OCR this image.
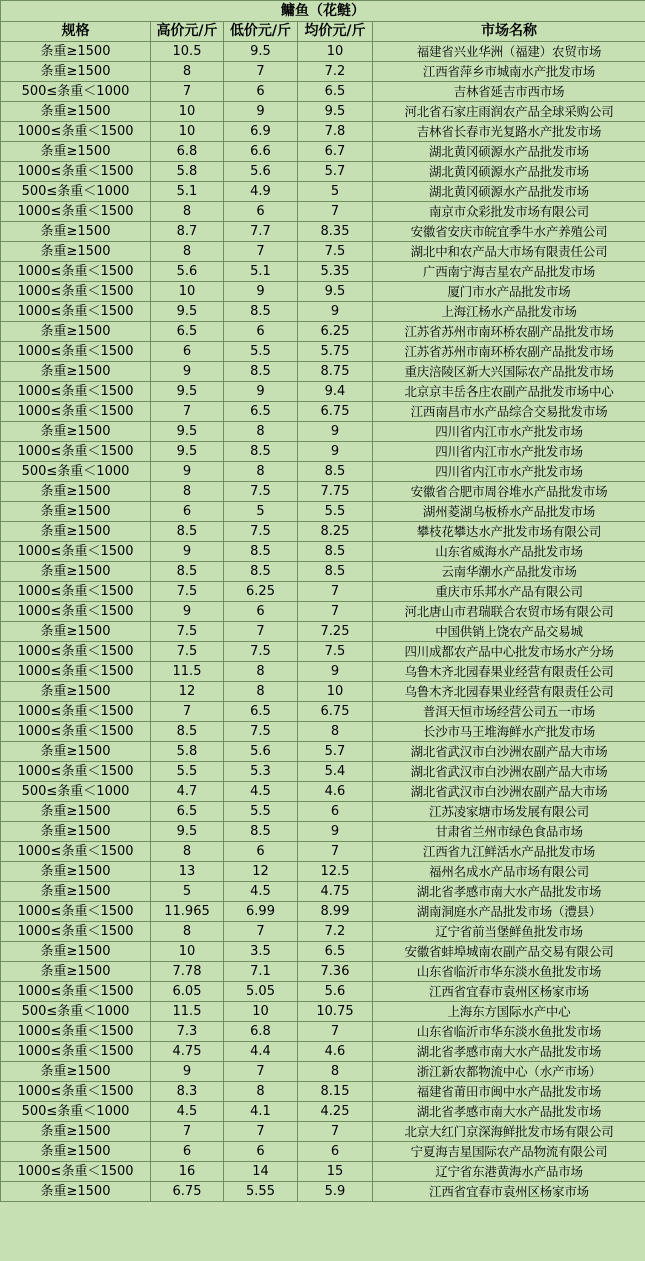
鳙鱼（花鲢）				
规格	高价元/斤	低价元/斤	均价元/斤	市场名称
条重≥1500	10.5	9.5	10	福建省兴业华洲（福建）农贸市场
条重≥1500	8	7	7.2	江西省萍乡市城南水产批发市场
500≤条重＜1000	7	6	6.5	吉林省延吉市西市场
条重≥1500	10	9	9.5	河北省石家庄雨润农产品全球采购公司
1000≤条重＜1500	10	6.9	7.8	吉林省长春市光复路水产批发市场
条重≥1500	6.8	6.6	6.7	湖北黄冈硕源水产品批发市场
1000≤条重＜1500	5.8	5.6	5.7	湖北黄冈硕源水产品批发市场
500≤条重＜1000	5.1	4.9	5	湖北黄冈硕源水产品批发市场
1000≤条重＜1500	8	6	7	南京市众彩批发市场有限公司
条重≥1500	8.7	7.7	8.35	安徽省安庆市皖宜季牛水产养殖公司
条重≥1500	8	7	7.5	湖北中和农产品大市场有限责任公司
1000≤条重＜1500	5.6	5.1	5.35	广西南宁海吉星农产品批发市场
1000≤条重＜1500	10	9	9.5	厦门市水产品批发市场
1000≤条重＜1500	9.5	8.5	9	上海江杨水产品批发市场
条重≥1500	6.5	6	6.25	江苏省苏州市南环桥农副产品批发市场
1000≤条重＜1500	6	5.5	5.75	江苏省苏州市南环桥农副产品批发市场
条重≥1500	9	8.5	8.75	重庆涪陵区新大兴国际农产品批发市场
1000≤条重＜1500	9.5	9	9.4	北京京丰岳各庄农副产品批发市场中心
1000≤条重＜1500	7	6.5	6.75	江西南昌市水产品综合交易批发市场
条重≥1500	9.5	8	9	四川省内江市水产批发市场
1000≤条重＜1500	9.5	8.5	9	四川省内江市水产批发市场
500≤条重＜1000	9	8	8.5	四川省内江市水产批发市场
条重≥1500	8	7.5	7.75	安徽省合肥市周谷堆水产品批发市场
条重≥1500	6	5	5.5	湖州菱湖乌板桥水产品批发市场
条重≥1500	8.5	7.5	8.25	攀枝花攀达水产批发市场有限公司
1000≤条重＜1500	9	8.5	8.5	山东省威海水产品批发市场
条重≥1500	8.5	8.5	8.5	云南华潮水产品批发市场
1000≤条重＜1500	7.5	6.25	7	重庆市乐邦水产品有限公司
1000≤条重＜1500	9	6	7	河北唐山市君瑞联合农贸市场有限公司
条重≥1500	7.5	7	7.25	中国供销上饶农产品交易城
1000≤条重＜1500	7.5	7.5	7.5	四川成都农产品中心批发市场水产分场
1000≤条重＜1500	11.5	8	9	乌鲁木齐北园春果业经营有限责任公司
条重≥1500	12	8	10	乌鲁木齐北园春果业经营有限责任公司
1000≤条重＜1500	7	6.5	6.75	普洱天恒市场经营公司五一市场
1000≤条重＜1500	8.5	7.5	8	长沙市马王堆海鲜水产批发市场
条重≥1500	5.8	5.6	5.7	湖北省武汉市白沙洲农副产品大市场
1000≤条重＜1500	5.5	5.3	5.4	湖北省武汉市白沙洲农副产品大市场
500≤条重＜1000	4.7	4.5	4.6	湖北省武汉市白沙洲农副产品大市场
条重≥1500	6.5	5.5	6	江苏凌家塘市场发展有限公司
条重≥1500	9.5	8.5	9	甘肃省兰州市绿色食品市场
1000≤条重＜1500	8	6	7	江西省九江鲜活水产品批发市场
条重≥1500	13	12	12.5	福州名成水产品市场有限公司
条重≥1500	5	4.5	4.75	湖北省孝感市南大水产品批发市场
1000≤条重＜1500	11.965	6.99	8.99	湖南洞庭水产品批发市场（澧县）
1000≤条重＜1500	8	7	7.2	辽宁省前当堡鲜鱼批发市场
条重≥1500	10	3.5	6.5	安徽省蚌埠城南农副产品交易有限公司
条重≥1500	7.78	7.1	7.36	山东省临沂市华东淡水鱼批发市场
1000≤条重＜1500	6.05	5.05	5.6	江西省宜春市袁州区杨家市场
500≤条重＜1000	11.5	10	10.75	上海东方国际水产中心
1000≤条重＜1500	7.3	6.8	7	山东省临沂市华东淡水鱼批发市场
1000≤条重＜1500	4.75	4.4	4.6	湖北省孝感市南大水产品批发市场
条重≥1500	9	7	8	浙江新农都物流中心（水产市场）
1000≤条重＜1500	8.3	8	8.15	福建省莆田市闽中水产品批发市场
500≤条重＜1000	4.5	4.1	4.25	湖北省孝感市南大水产品批发市场
条重≥1500	7	7	7	北京大红门京深海鲜批发市场有限公司
条重≥1500	6	6	6	宁夏海吉星国际农产品物流有限公司
1000≤条重＜1500	16	14	15	辽宁省东港黄海水产品市场
条重≥1500	6.75	5.55	5.9	江西省宜春市袁州区杨家市场
